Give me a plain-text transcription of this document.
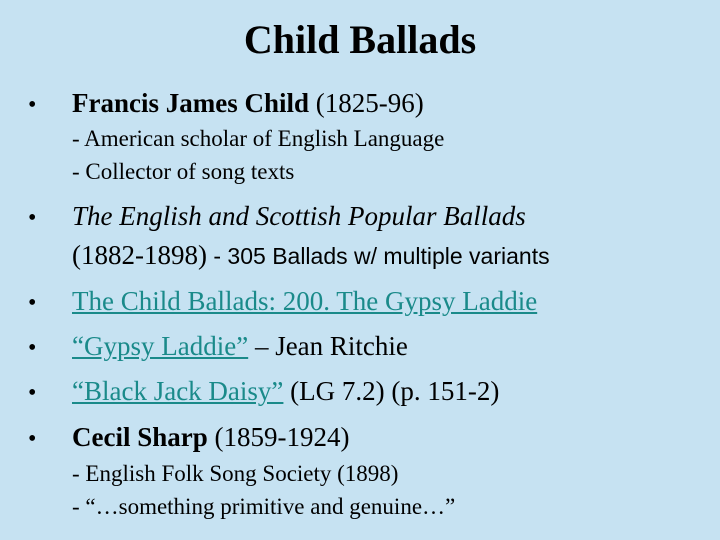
Child Ballads
• Francis James Child (1825-96)
- American scholar of English Language
- Collector of song texts
• The English and Scottish Popular Ballads
(1882-1898) - 305 Ballads w/ multiple variants
• The Child Ballads: 200. The Gypsy Laddie
• “Gypsy Laddie” – Jean Ritchie
• “Black Jack Daisy” (LG 7.2) (p. 151-2)
• Cecil Sharp (1859-1924)
- English Folk Song Society (1898)
- “…something primitive and genuine…”
